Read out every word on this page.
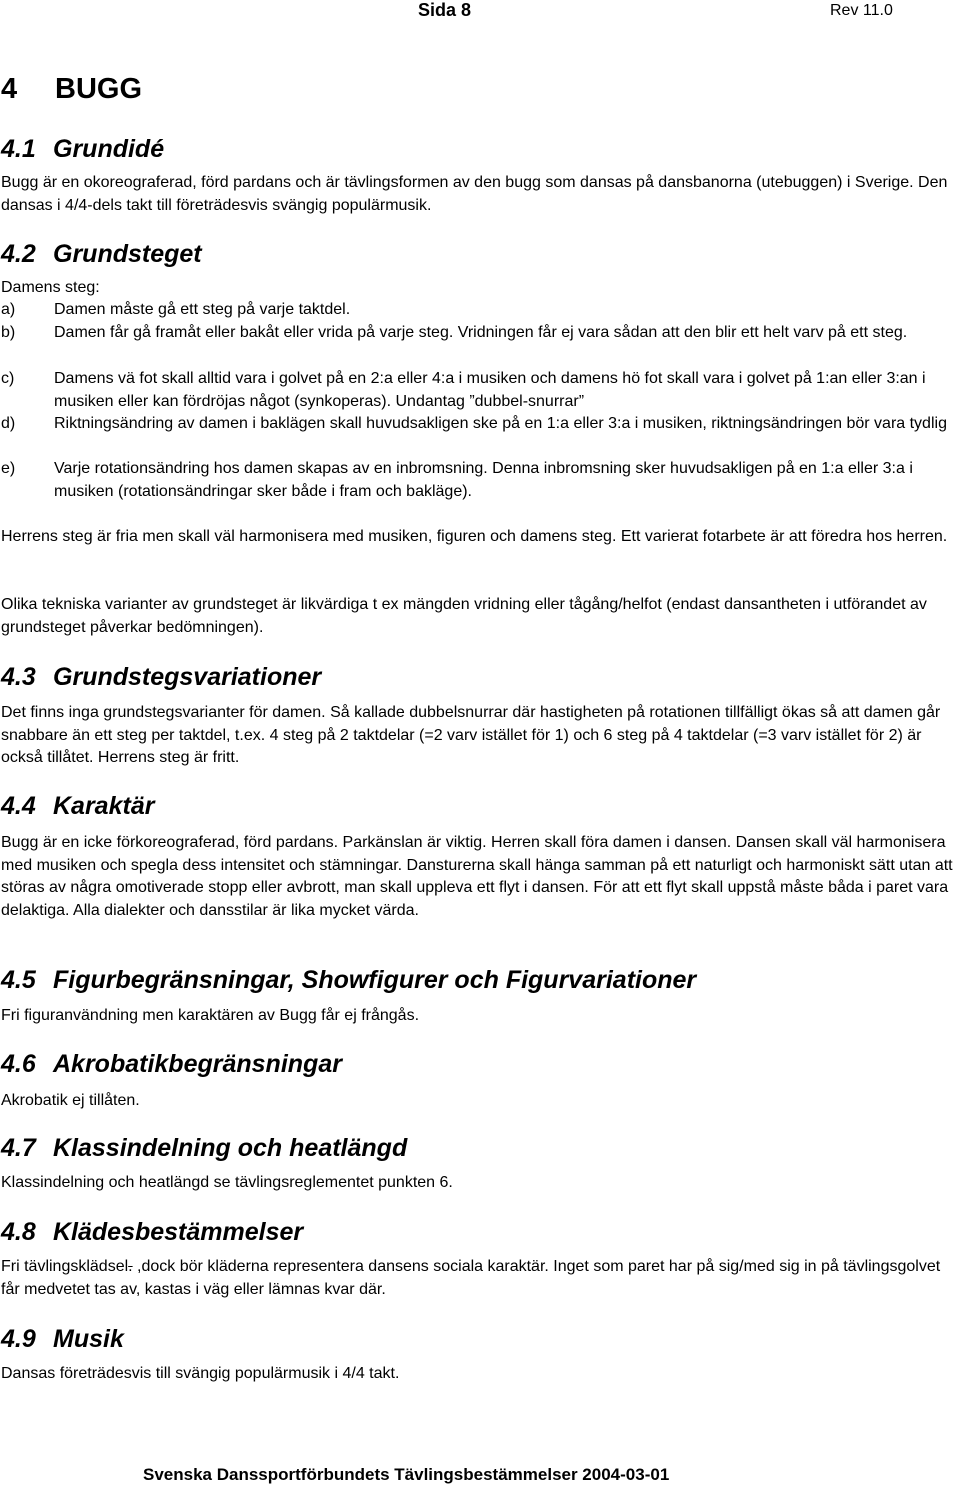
Sida 8	Rev 11.0
4 BUGG
4.1 Grundidé

Bugg är en okoreograferad, förd pardans och är tävlingsformen av den bugg som dansas på dansbanorna (utebuggen) i Sverige. Den dansas i 4/4-dels takt till företrädesvis svängig populärmusik.

4.2 Grundsteget

Damens steg:

a)	Damen måste gå ett steg på varje taktdel.
b)	Damen får gå framåt eller bakåt eller vrida på varje steg. Vridningen får ej vara sådan att den blir ett helt varv på ett steg.
c)	Damens vä fot skall alltid vara i golvet på en 2:a eller 4:a i musiken och damens hö fot skall vara i golvet på 1:an eller 3:an i musiken eller kan fördröjas något (synkoperas). Undantag ”dubbel-snurrar”
d)	Riktningsändring av damen i baklägen skall huvudsakligen ske på en 1:a eller 3:a i musiken, riktningsändringen bör vara tydlig
e)	Varje rotationsändring hos damen skapas av en inbromsning. Denna inbromsning sker huvudsakligen på en 1:a eller 3:a i musiken (rotationsändringar sker både i fram och bakläge).

Herrens steg är fria men skall väl harmonisera med musiken, figuren och damens steg. Ett varierat fotarbete är att föredra hos herren.

Olika tekniska varianter av grundsteget är likvärdiga t ex mängden vridning eller tågång/helfot (endast dansantheten i utförandet av grundsteget påverkar bedömningen).

4.3 Grundstegsvariationer

Det finns inga grundstegsvarianter för damen. Så kallade dubbelsnurrar där hastigheten på rotationen tillfälligt ökas så att damen går snabbare än ett steg per taktdel, t.ex. 4 steg på 2 taktdelar (=2 varv istället för 1) och 6 steg på 4 taktdelar (=3 varv istället för 2) är också tillåtet. Herrens steg är fritt.

4.4 Karaktär

Bugg är en icke förkoreograferad, förd pardans. Parkänslan är viktig. Herren skall föra damen i dansen. Dansen skall väl harmonisera med musiken och spegla dess intensitet och stämningar. Dansturerna skall hänga samman på ett naturligt och harmoniskt sätt utan att störas av några omotiverade stopp eller avbrott, man skall uppleva ett flyt i dansen. För att ett flyt skall uppstå måste båda i paret vara delaktiga. Alla dialekter och dansstilar är lika mycket värda.

4.5 Figurbegränsningar, Showfigurer och Figurvariationer

Fri figuranvändning men karaktären av Bugg får ej frångås.

4.6 Akrobatikbegränsningar

Akrobatik ej tillåten.

4.7 Klassindelning och heatlängd

Klassindelning och heatlängd se tävlingsreglementet punkten 6.

4.8 Klädesbestämmelser

Fri tävlingsklädsel. ,dock bör kläderna representera dansens sociala karaktär. Inget som paret har på sig/med sig in på tävlingsgolvet får medvetet tas av, kastas i väg eller lämnas kvar där.

4.9 Musik

Dansas företrädesvis till svängig populärmusik i 4/4 takt.

Svenska Danssportförbundets Tävlingsbestämmelser 2004-03-01
